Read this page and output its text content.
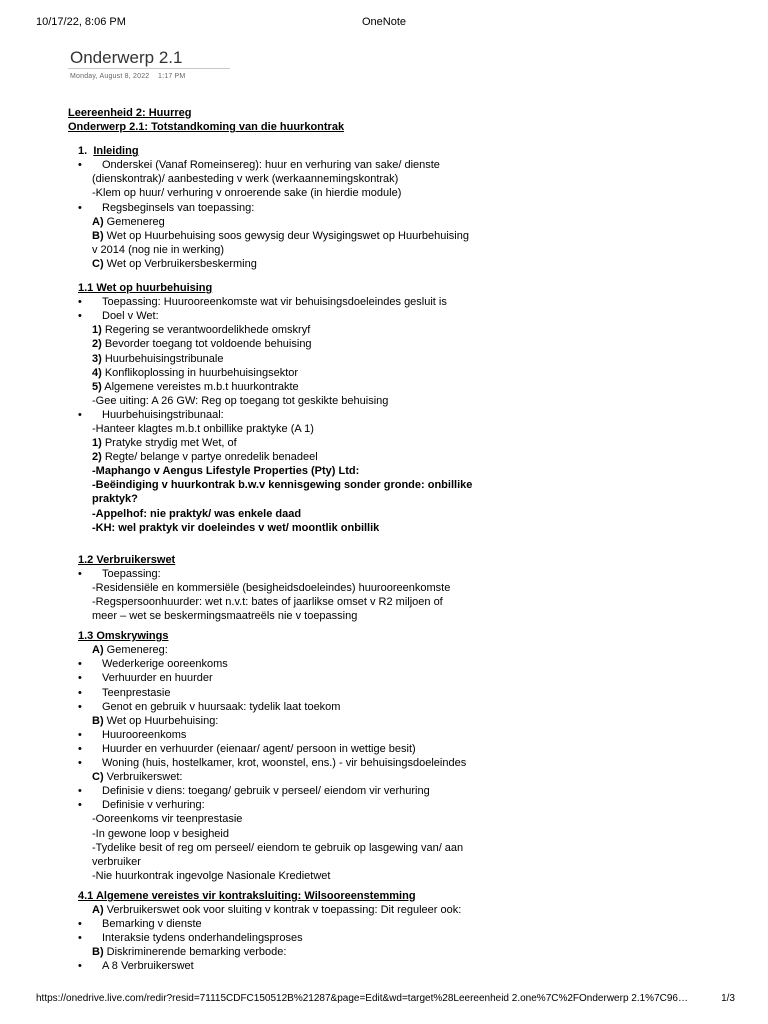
10/17/22, 8:06 PM	OneNote
Onderwerp 2.1
Monday, August 8, 2022 1:17 PM
Leereenheid 2: Huurreg
Onderwerp 2.1: Totstandkoming van die huurkontrak
1. Inleiding
• Onderskei (Vanaf Romeinsereg): huur en verhuring van sake/ dienste
(dienskontrak)/ aanbesteding v werk (werkaannemingskontrak)
-Klem op huur/ verhuring v onroerende sake (in hierdie module)
• Regsbeginsels van toepassing:
A) Gemenereg
B) Wet op Huurbehuising soos gewysig deur Wysigingswet op Huurbehuising
v 2014 (nog nie in werking)
C) Wet op Verbruikersbeskerming
1.1 Wet op huurbehuising
• Toepassing: Huurooreenkomste wat vir behuisingsdoeleindes gesluit is
• Doel v Wet:
1) Regering se verantwoordelikhede omskryf
2) Bevorder toegang tot voldoende behuising
3) Huurbehuisingstribunale
4) Konflikoplossing in huurbehuisingsektor
5) Algemene vereistes m.b.t huurkontrakte
-Gee uiting: A 26 GW: Reg op toegang tot geskikte behuising
• Huurbehuisingstribunaal:
-Hanteer klagtes m.b.t onbillike praktyke (A 1)
1) Pratyke strydig met Wet, of
2) Regte/ belange v partye onredelik benadeel
-Maphango v Aengus Lifestyle Properties (Pty) Ltd:
-Beëindiging v huurkontrak b.w.v kennisgewing sonder gronde: onbillike
praktyk?
-Appelhof: nie praktyk/ was enkele daad
-KH: wel praktyk vir doeleindes v wet/ moontlik onbillik
1.2 Verbruikerswet
• Toepassing:
-Residensiële en kommersiële (besigheidsdoeleindes) huurooreenkomste
-Regspersoonhuurder: wet n.v.t: bates of jaarlikse omset v R2 miljoen of
meer – wet se beskermingsmaatreëls nie v toepassing
1.3 Omskrywings
A) Gemenereg:
• Wederkerige ooreenkoms
• Verhuurder en huurder
• Teenprestasie
• Genot en gebruik v huursaak: tydelik laat toekom
B) Wet op Huurbehuising:
• Huurooreenkoms
• Huurder en verhuurder (eienaar/ agent/ persoon in wettige besit)
• Woning (huis, hostelkamer, krot, woonstel, ens.) - vir behuisingsdoeleindes
C) Verbruikerswet:
• Definisie v diens: toegang/ gebruik v perseel/ eiendom vir verhuring
• Definisie v verhuring:
-Ooreenkoms vir teenprestasie
-In gewone loop v besigheid
-Tydelike besit of reg om perseel/ eiendom te gebruik op lasgewing van/ aan
verbruiker
-Nie huurkontrak ingevolge Nasionale Kredietwet
4.1 Algemene vereistes vir kontraksluiting: Wilsooreenstemming
A) Verbruikerswet ook voor sluiting v kontrak v toepassing: Dit reguleer ook:
• Bemarking v dienste
• Interaksie tydens onderhandelingsproses
B) Diskriminerende bemarking verbode:
• A 8 Verbruikerswet
https://onedrive.live.com/redir?resid=71115CDFC150512B%21287&page=Edit&wd=target%28Leereenheid 2.one%7C%2FOnderwerp 2.1%7C96…	1/3
